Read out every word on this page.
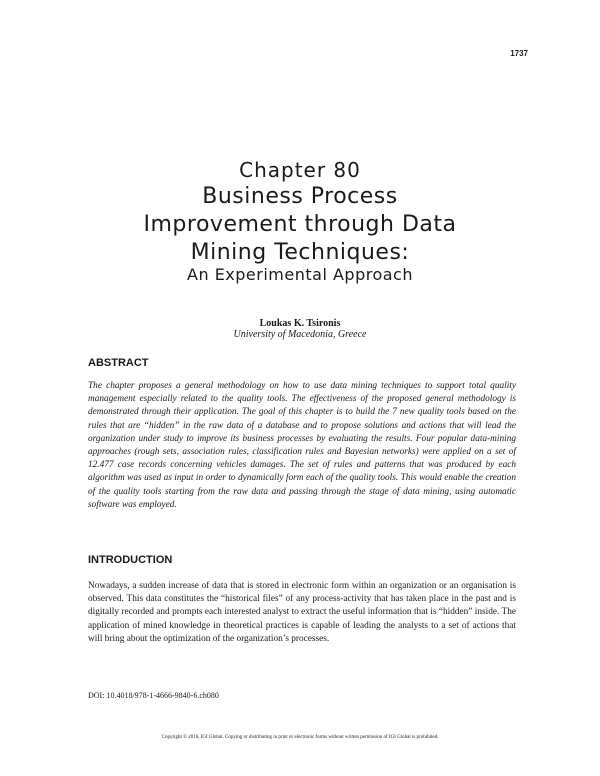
1737
Chapter 80
Business Process
Improvement through Data
Mining Techniques:
An Experimental Approach
Loukas K. Tsironis
University of Macedonia, Greece
ABSTRACT

The chapter proposes a general methodology on how to use data mining techniques to support total quality management especially related to the quality tools. The effectiveness of the proposed general methodology is demonstrated through their application. The goal of this chapter is to build the 7 new quality tools based on the rules that are “hidden” in the raw data of a database and to propose solutions and actions that will lead the organization under study to improve its business processes by evaluating the results. Four popular data-mining approaches (rough sets, association rules, classification rules and Bayesian networks) were applied on a set of 12.477 case records concerning vehicles damages. The set of rules and patterns that was produced by each algorithm was used as input in order to dynamically form each of the quality tools. This would enable the creation of the quality tools starting from the raw data and passing through the stage of data mining, using automatic software was employed.

INTRODUCTION

Nowadays, a sudden increase of data that is stored in electronic form within an organization or an organisation is observed. This data constitutes the “historical files” of any process-activity that has taken place in the past and is digitally recorded and prompts each interested analyst to extract the useful information that is “hidden” inside. The application of mined knowledge in theoretical practices is capable of leading the analysts to a set of actions that will bring about the optimization of the organization’s processes.

DOI: 10.4018/978-1-4666-9840-6.ch080
Copyright © 2016, IGI Global. Copying or distributing in print or electronic forms without written permission of IGI Global is prohibited.
